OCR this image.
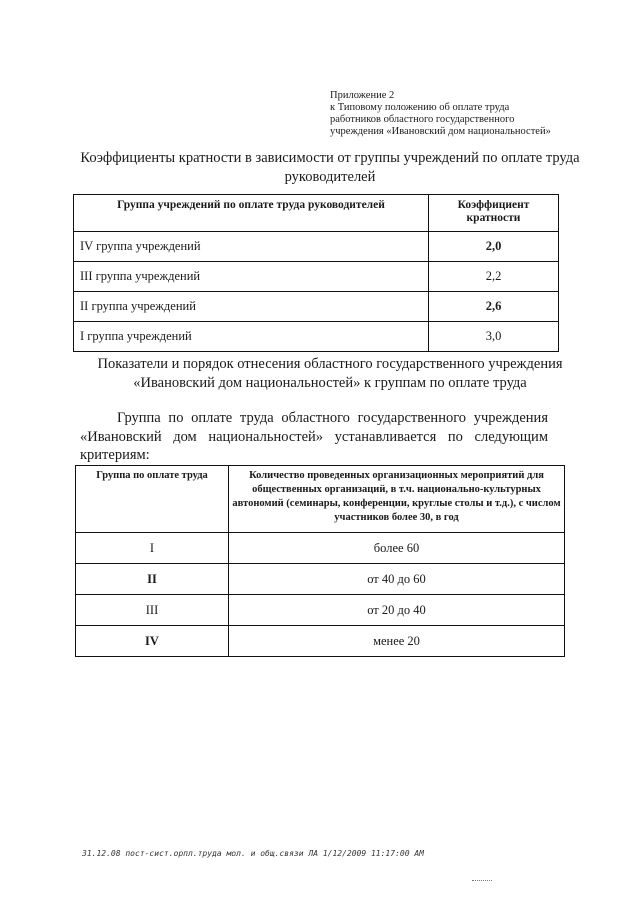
Приложение 2
к Типовому положению об оплате труда
работников областного государственного
учреждения «Ивановский дом национальностей»
Коэффициенты кратности в зависимости от группы учреждений по оплате труда руководителей
Группа учреждений по оплате труда руководителей	Коэффициент кратности
IV группа учреждений	2,0
III группа учреждений	2,2
II группа учреждений	2,6
I группа учреждений	3,0
Показатели и порядок отнесения областного государственного учреждения «Ивановский дом национальностей» к группам по оплате труда
Группа по оплате труда областного государственного учреждения «Ивановский дом национальностей» устанавливается по следующим критериям:
Группа по оплате труда	Количество проведенных организационных мероприятий для общественных организаций, в т.ч. национально-культурных автономий (семинары, конференции, круглые столы и т.д.), с числом участников более 30, в год
I	более 60
II	от 40 до 60
III	от 20 до 40
IV	менее 20
31.12.08 пост-сист.орпл.труда мол. и общ.связи ЛА 1/12/2009 11:17:00 AM
